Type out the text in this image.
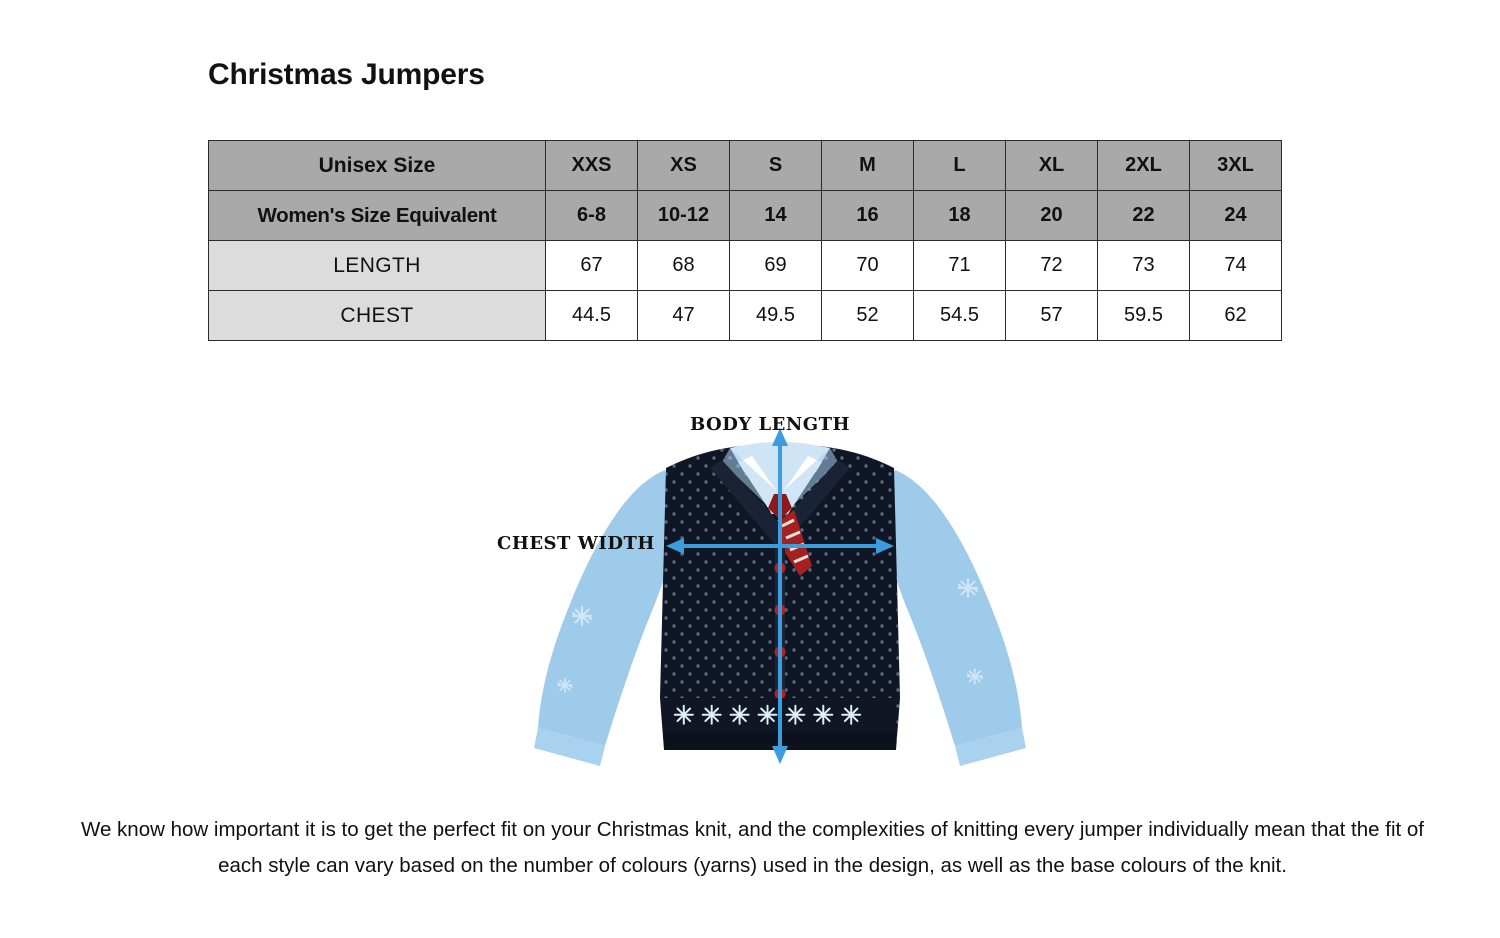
Christmas Jumpers
Unisex Size	XXS	XS	S	M	L	XL	2XL	3XL
Women's Size Equivalent	6-8	10-12	14	16	18	20	22	24
LENGTH	67	68	69	70	71	72	73	74
CHEST	44.5	47	49.5	52	54.5	57	59.5	62
BODY LENGTH
CHEST WIDTH
We know how important it is to get the perfect fit on your Christmas knit, and the complexities of knitting every jumper individually mean that the fit of each style can vary based on the number of colours (yarns) used in the design, as well as the base colours of the knit.
